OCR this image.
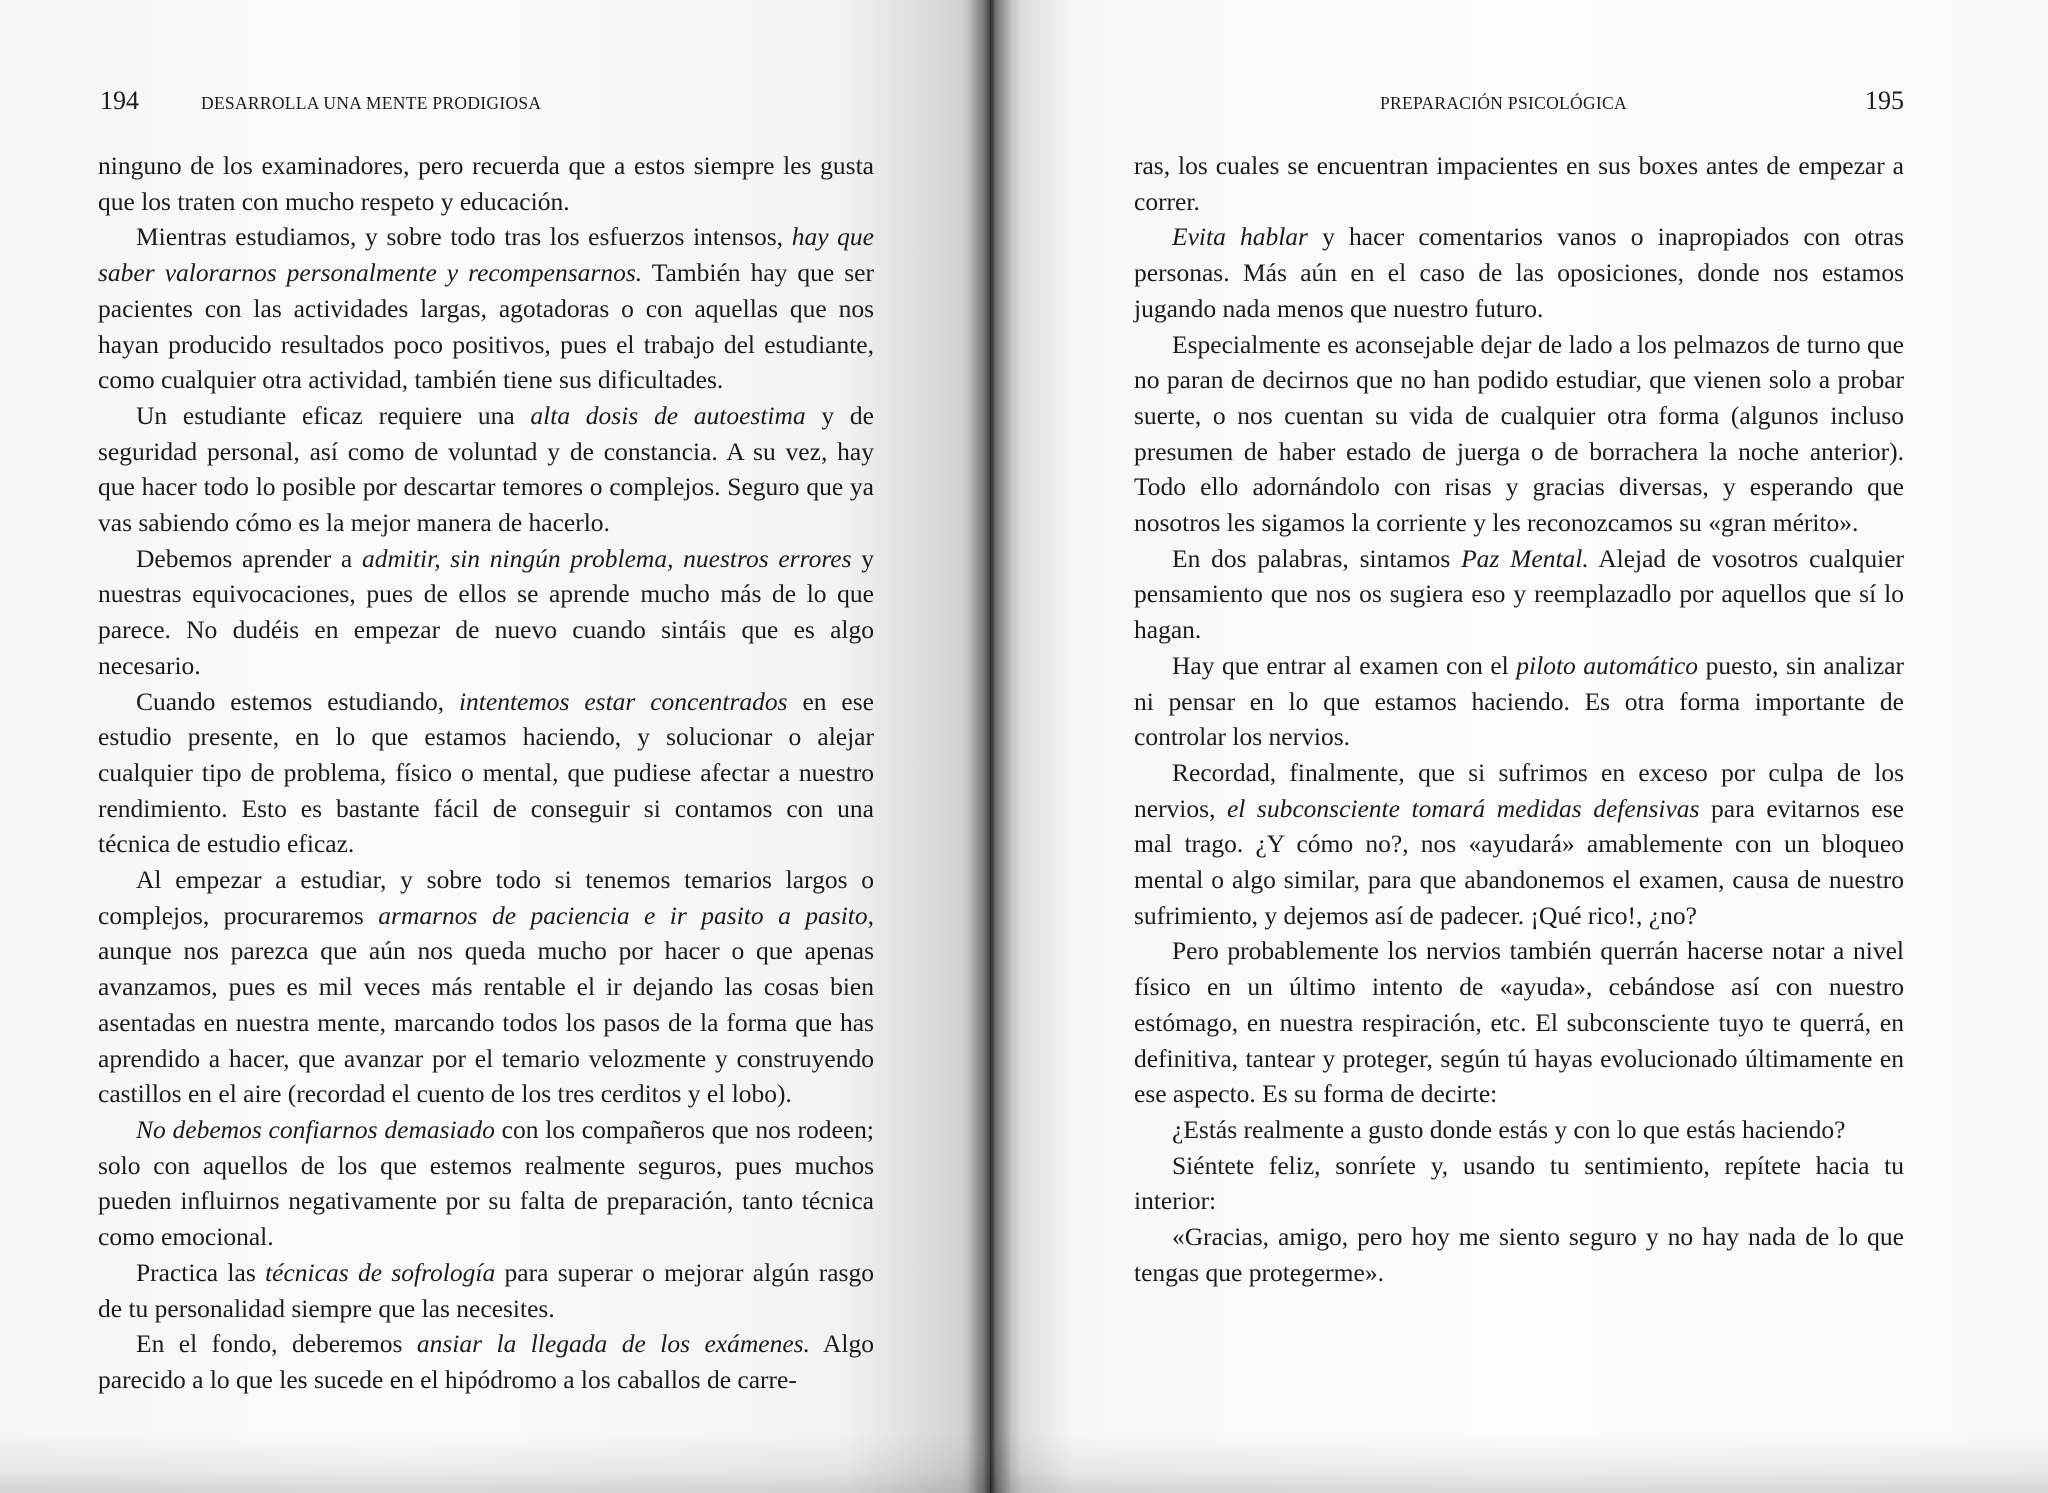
194	DESARROLLA UNA MENTE PRODIGIOSA

ninguno de los examinadores, pero recuerda que a estos siempre les gusta que los traten con mucho respeto y educación.

Mientras estudiamos, y sobre todo tras los esfuerzos intensos, hay que saber valorarnos personalmente y recompensarnos. También hay que ser pacientes con las actividades largas, agotadoras o con aquellas que nos hayan producido resultados poco positivos, pues el trabajo del estudiante, como cualquier otra actividad, también tiene sus dificultades.

Un estudiante eficaz requiere una alta dosis de autoestima y de seguridad personal, así como de voluntad y de constancia. A su vez, hay que hacer todo lo posible por descartar temores o complejos. Seguro que ya vas sabiendo cómo es la mejor manera de hacerlo.

Debemos aprender a admitir, sin ningún problema, nuestros errores y nuestras equivocaciones, pues de ellos se aprende mucho más de lo que parece. No dudéis en empezar de nuevo cuando sintáis que es algo necesario.

Cuando estemos estudiando, intentemos estar concentrados en ese estudio presente, en lo que estamos haciendo, y solucionar o alejar cualquier tipo de problema, físico o mental, que pudiese afectar a nuestro rendimiento. Esto es bastante fácil de conseguir si contamos con una técnica de estudio eficaz.

Al empezar a estudiar, y sobre todo si tenemos temarios largos o complejos, procuraremos armarnos de paciencia e ir pasito a pasito, aunque nos parezca que aún nos queda mucho por hacer o que apenas avanzamos, pues es mil veces más rentable el ir dejando las cosas bien asentadas en nuestra mente, marcando todos los pasos de la forma que has aprendido a hacer, que avanzar por el temario velozmente y construyendo castillos en el aire (recordad el cuento de los tres cerditos y el lobo).

No debemos confiarnos demasiado con los compañeros que nos rodeen; solo con aquellos de los que estemos realmente seguros, pues muchos pueden influirnos negativamente por su falta de preparación, tanto técnica como emocional.

Practica las técnicas de sofrología para superar o mejorar algún rasgo de tu personalidad siempre que las necesites.

En el fondo, deberemos ansiar la llegada de los exámenes. Algo parecido a lo que les sucede en el hipódromo a los caballos de carre-

PREPARACIÓN PSICOLÓGICA	195

ras, los cuales se encuentran impacientes en sus boxes antes de empezar a correr.

Evita hablar y hacer comentarios vanos o inapropiados con otras personas. Más aún en el caso de las oposiciones, donde nos estamos jugando nada menos que nuestro futuro.

Especialmente es aconsejable dejar de lado a los pelmazos de turno que no paran de decirnos que no han podido estudiar, que vienen solo a probar suerte, o nos cuentan su vida de cualquier otra forma (algunos incluso presumen de haber estado de juerga o de borrachera la noche anterior). Todo ello adornándolo con risas y gracias diversas, y esperando que nosotros les sigamos la corriente y les reconozcamos su «gran mérito».

En dos palabras, sintamos Paz Mental. Alejad de vosotros cualquier pensamiento que nos os sugiera eso y reemplazadlo por aquellos que sí lo hagan.

Hay que entrar al examen con el piloto automático puesto, sin analizar ni pensar en lo que estamos haciendo. Es otra forma importante de controlar los nervios.

Recordad, finalmente, que si sufrimos en exceso por culpa de los nervios, el subconsciente tomará medidas defensivas para evitarnos ese mal trago. ¿Y cómo no?, nos «ayudará» amablemente con un bloqueo mental o algo similar, para que abandonemos el examen, causa de nuestro sufrimiento, y dejemos así de padecer. ¡Qué rico!, ¿no?

Pero probablemente los nervios también querrán hacerse notar a nivel físico en un último intento de «ayuda», cebándose así con nuestro estómago, en nuestra respiración, etc. El subconsciente tuyo te querrá, en definitiva, tantear y proteger, según tú hayas evolucionado últimamente en ese aspecto. Es su forma de decirte:

¿Estás realmente a gusto donde estás y con lo que estás haciendo?

Siéntete feliz, sonríete y, usando tu sentimiento, repítete hacia tu interior:

«Gracias, amigo, pero hoy me siento seguro y no hay nada de lo que tengas que protegerme».
